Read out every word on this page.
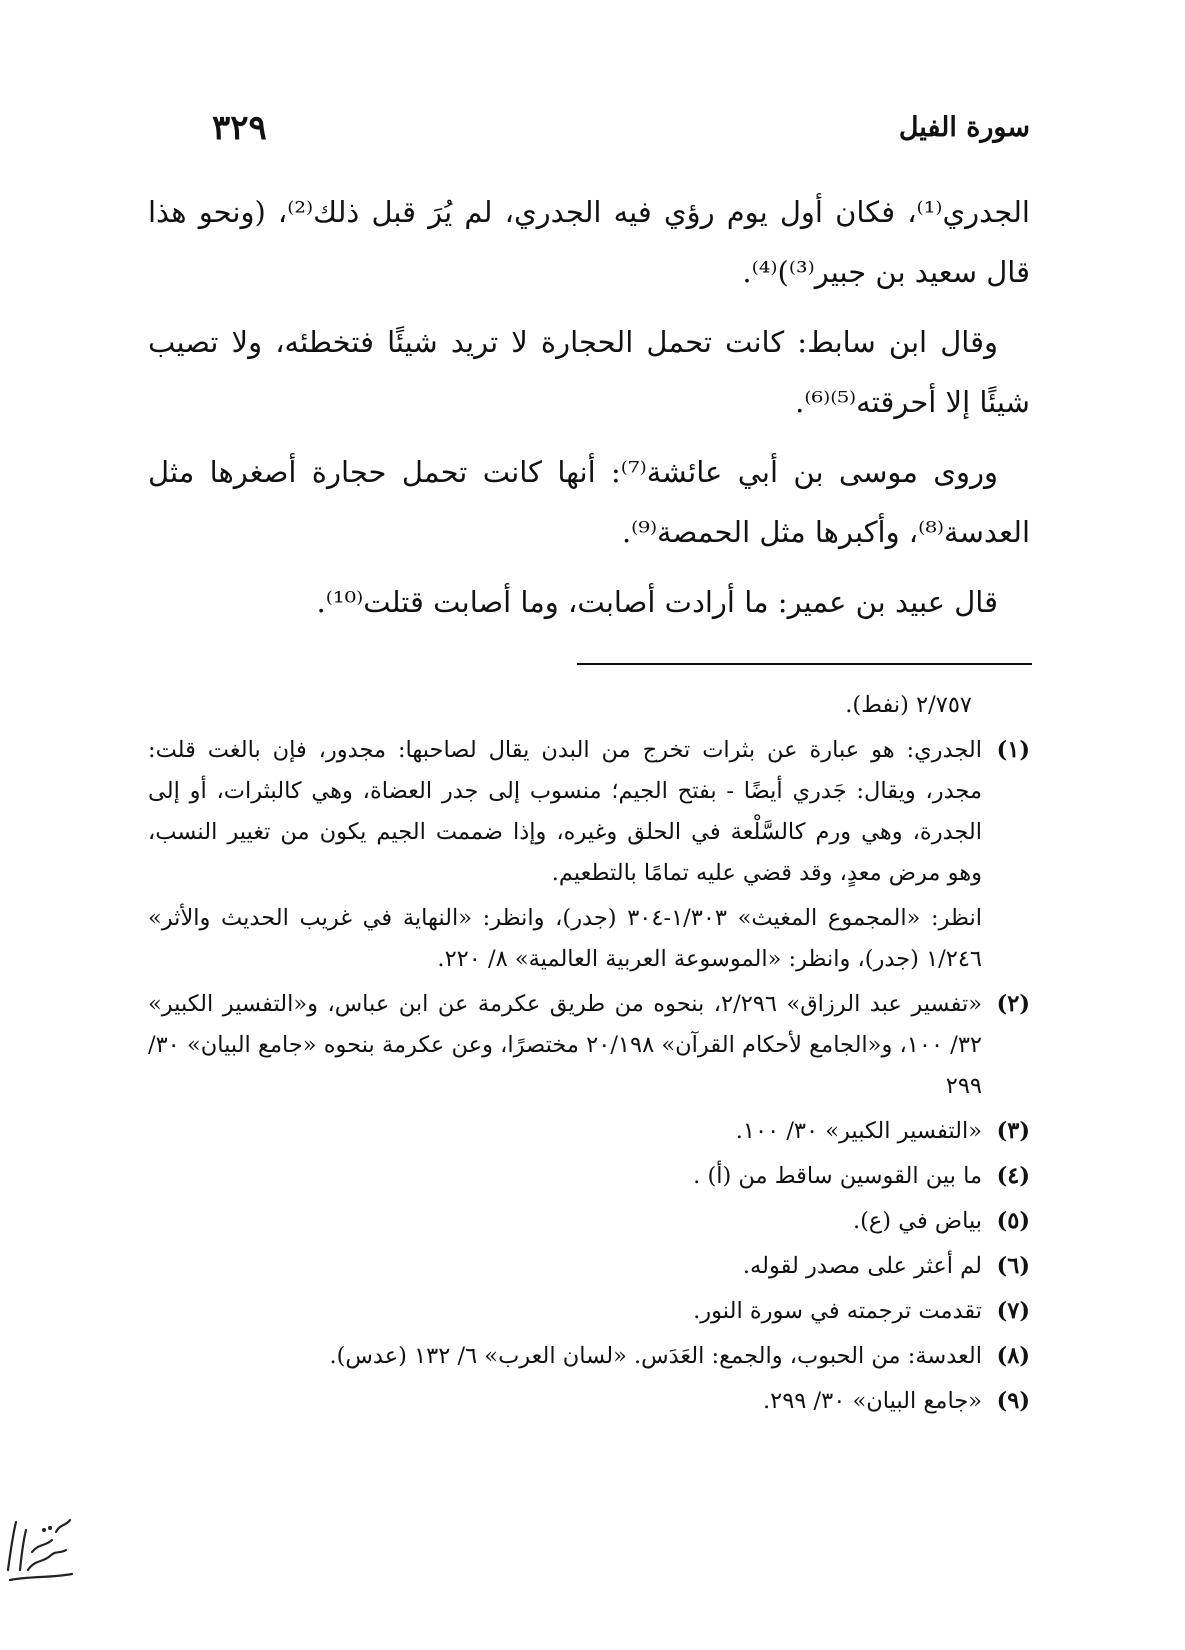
٣٢٩	سورة الفيل

الجدري⁽¹⁾، فكان أول يوم رؤي فيه الجدري، لم يُرَ قبل ذلك⁽²⁾، (ونحو هذا قال سعيد بن جبير⁽³⁾)⁽⁴⁾.

وقال ابن سابط: كانت تحمل الحجارة لا تريد شيئًا فتخطئه، ولا تصيب شيئًا إلا أحرقته⁽⁵⁾⁽⁶⁾.

وروى موسى بن أبي عائشة⁽⁷⁾: أنها كانت تحمل حجارة أصغرها مثل العدسة⁽⁸⁾، وأكبرها مثل الحمصة⁽⁹⁾.

قال عبيد بن عمير: ما أرادت أصابت، وما أصابت قتلت⁽¹⁰⁾.

٢/٧٥٧ (نفط).
(١)
الجدري: هو عبارة عن بثرات تخرج من البدن يقال لصاحبها: مجدور، فإن بالغت قلت: مجدر، ويقال: جَدري أيضًا - بفتح الجيم؛ منسوب إلى جدر العضاة، وهي كالبثرات، أو إلى الجدرة، وهي ورم كالسَّلْعة في الحلق وغيره، وإذا ضممت الجيم يكون من تغيير النسب، وهو مرض معدٍ، وقد قضي عليه تمامًا بالتطعيم.
انظر: «المجموع المغيث» ١/٣٠٣-٣٠٤ (جدر)، وانظر: «النهاية في غريب الحديث والأثر» ١/٢٤٦ (جدر)، وانظر: «الموسوعة العربية العالمية» ٨/ ٢٢٠.
(٢)
«تفسير عبد الرزاق» ٢/٢٩٦، بنحوه من طريق عكرمة عن ابن عباس، و«التفسير الكبير» ٣٢/ ١٠٠، و«الجامع لأحكام القرآن» ٢٠/١٩٨ مختصرًا، وعن عكرمة بنحوه «جامع البيان» ٣٠/ ٢٩٩
(٣)
«التفسير الكبير» ٣٠/ ١٠٠.
(٤)
ما بين القوسين ساقط من (أ) .
(٥)
بياض في (ع).
(٦)
لم أعثر على مصدر لقوله.
(٧)
تقدمت ترجمته في سورة النور.
(٨)
العدسة: من الحبوب، والجمع: العَدَس. «لسان العرب» ٦/ ١٣٢ (عدس).
(٩)
«جامع البيان» ٣٠/ ٢٩٩.
